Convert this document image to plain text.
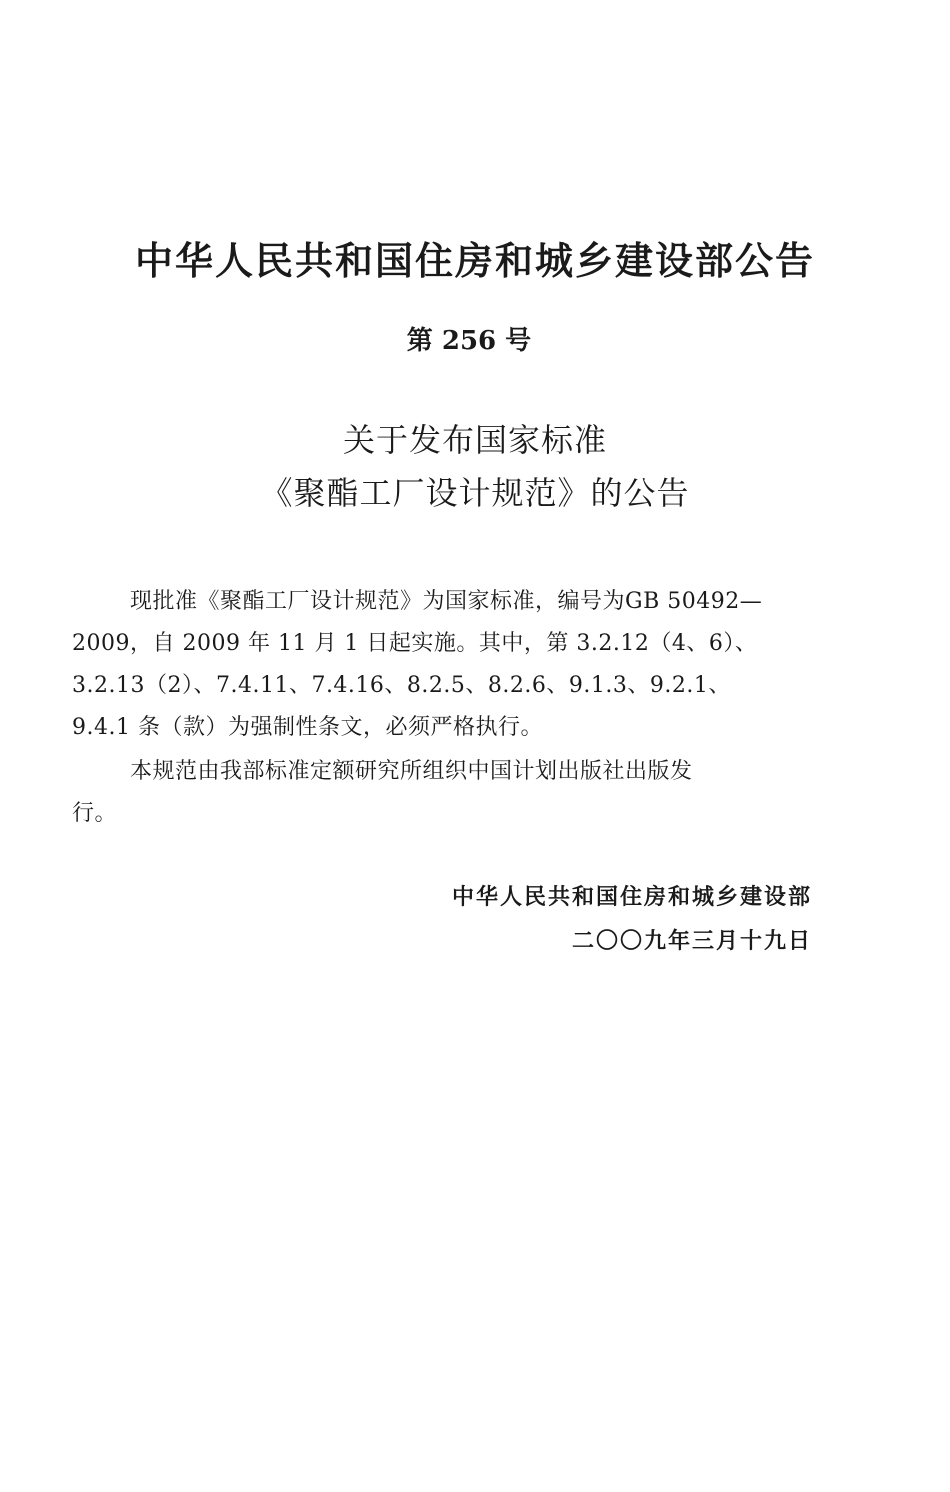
中华人民共和国住房和城乡建设部公告
第 256 号
关于发布国家标准
《聚酯工厂设计规范》的公告
现批准《聚酯工厂设计规范》为国家标准，编号为GB 50492—
2009，自 2009 年 11 月 1 日起实施。其中，第 3.2.12（4、6）、
3.2.13（2）、7.4.11、7.4.16、8.2.5、8.2.6、9.1.3、9.2.1、
9.4.1 条（款）为强制性条文，必须严格执行。
本规范由我部标准定额研究所组织中国计划出版社出版发
行。
中华人民共和国住房和城乡建设部
二〇〇九年三月十九日
